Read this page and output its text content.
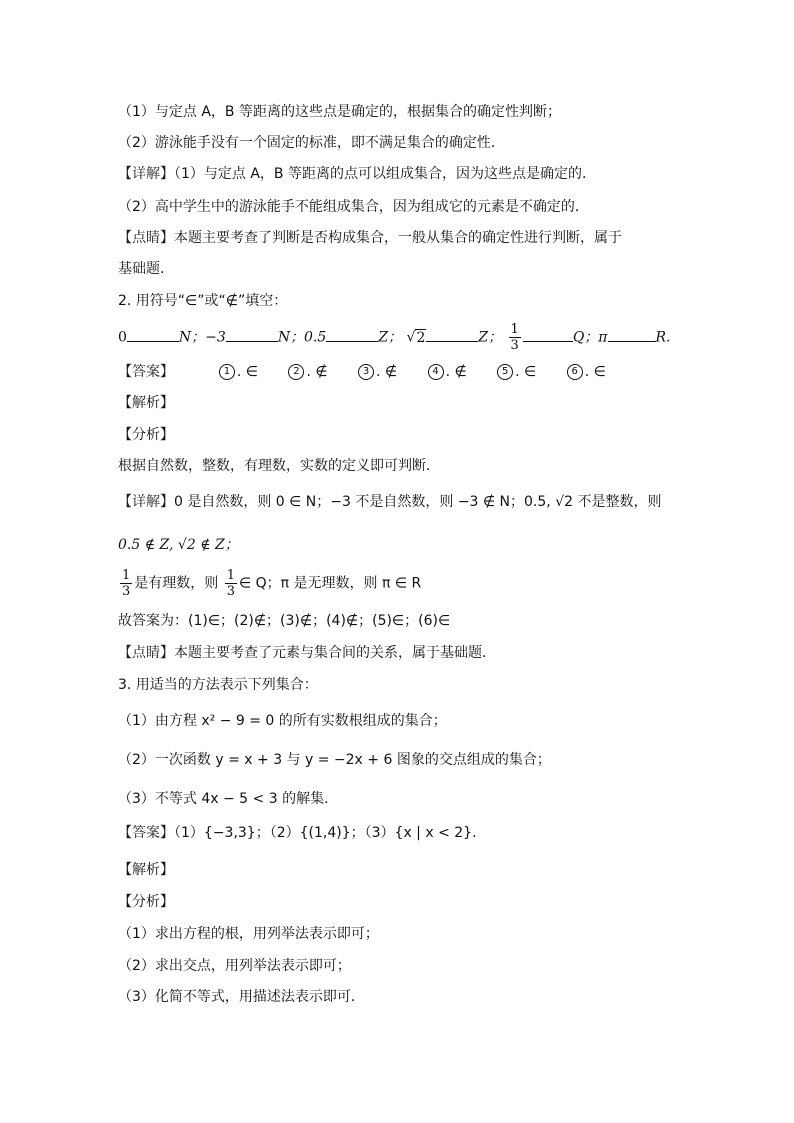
（1）与定点 A，B 等距离的这些点是确定的，根据集合的确定性判断；
（2）游泳能手没有一个固定的标准，即不满足集合的确定性．
【详解】（1）与定点 A，B 等距离的点可以组成集合，因为这些点是确定的．
（2）高中学生中的游泳能手不能组成集合，因为组成它的元素是不确定的．
【点睛】本题主要考查了判断是否构成集合，一般从集合的确定性进行判断，属于
基础题.
2. 用符号“∈”或“∉”填空：
0	N；−3	N；0.5	Z； √2	Z； $\frac{1}{3}$	Q；π	R.
【答案】	1 . ∈	2 . ∉	3 . ∉	4 . ∉	5 . ∈	6 . ∈
【解析】
【分析】
根据自然数，整数，有理数，实数的定义即可判断．
【详解】0 是自然数，则 0 ∈ N；−3 不是自然数，则 −3 ∉ N；0.5, √2 不是整数，则
0.5 ∉ Z, √2 ∉ Z；
$\frac{1}{3}$ 是有理数，则 $\frac{1}{3}$ ∈ Q；π 是无理数，则 π ∈ R
故答案为：(1)∈；(2)∉；(3)∉；(4)∉；(5)∈；(6)∈
【点睛】本题主要考查了元素与集合间的关系，属于基础题．
3. 用适当的方法表示下列集合：
（1）由方程 x² − 9 = 0 的所有实数根组成的集合；
（2）一次函数 y = x + 3 与 y = −2x + 6 图象的交点组成的集合；
（3）不等式 4x − 5 < 3 的解集.
【答案】（1）{−3,3}；（2）{(1,4)}；（3）{x | x < 2}.
【解析】
【分析】
（1）求出方程的根，用列举法表示即可；
（2）求出交点，用列举法表示即可；
（3）化简不等式，用描述法表示即可．
